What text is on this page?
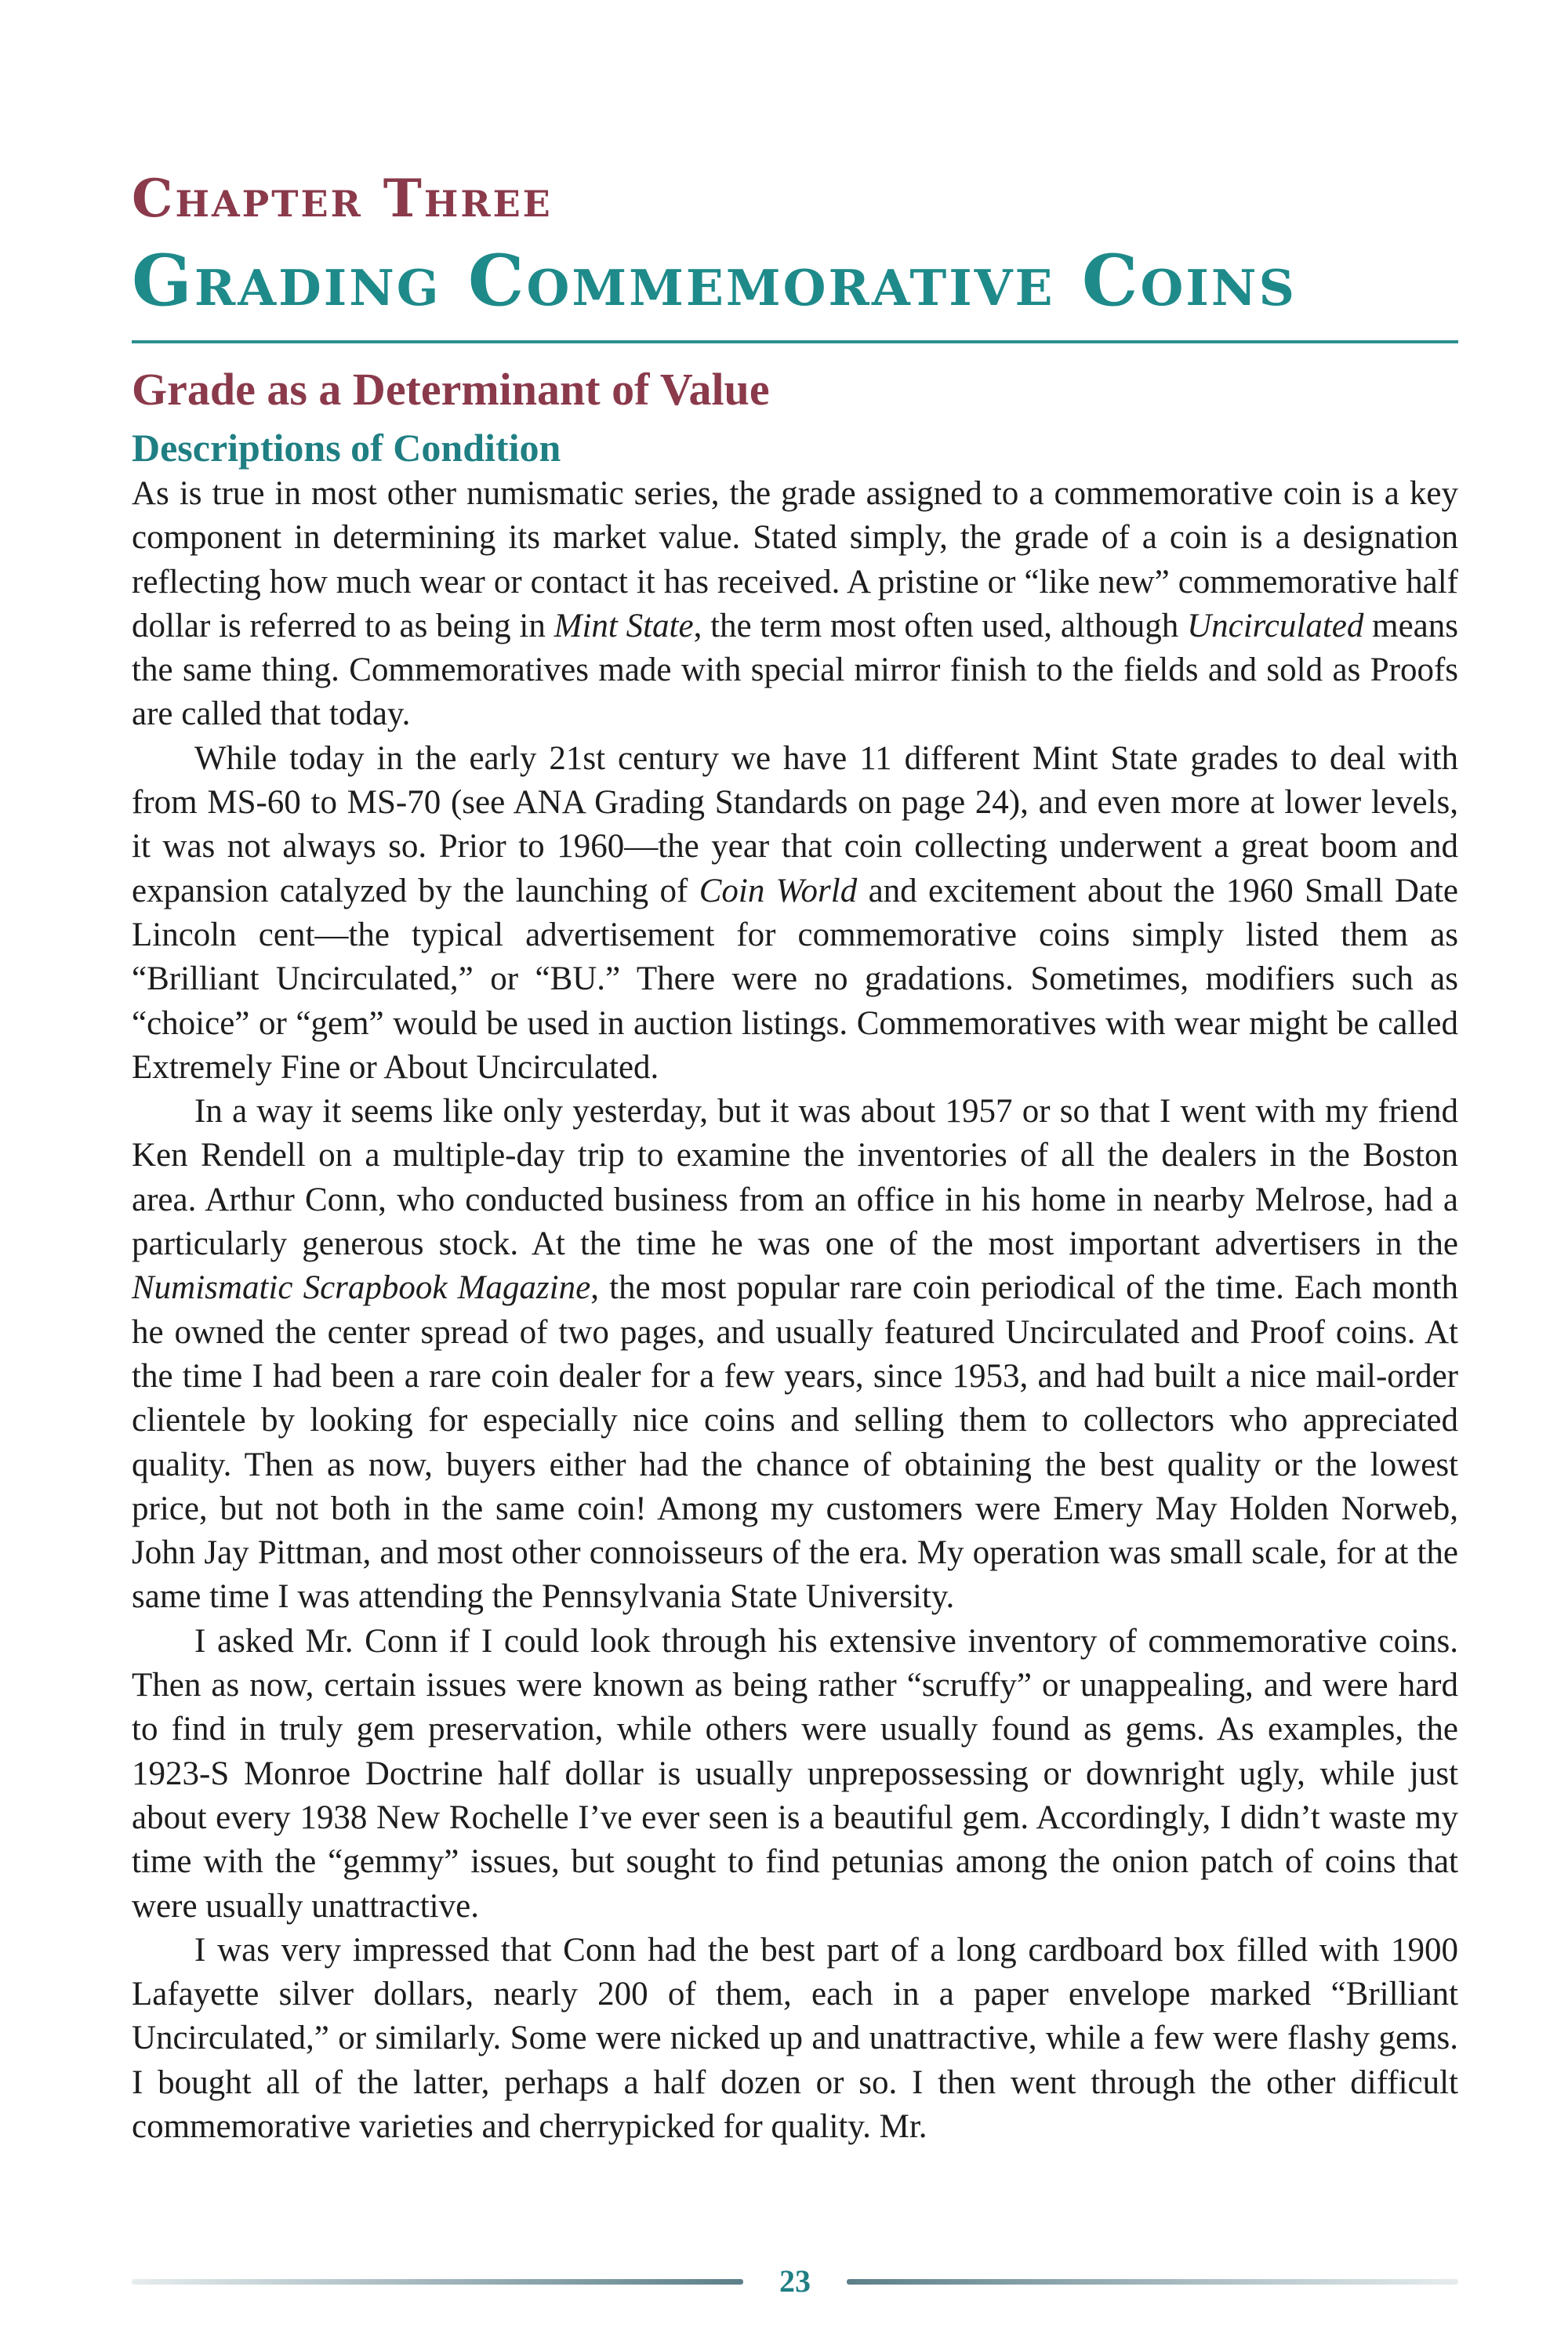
Chapter Three
Grading Commemorative Coins
Grade as a Determinant of Value
Descriptions of Condition

As is true in most other numismatic series, the grade assigned to a commemorative coin is a key component in determining its market value. Stated simply, the grade of a coin is a designation reflecting how much wear or contact it has received. A pristine or “like new” commemorative half dollar is referred to as being in Mint State, the term most often used, although Uncirculated means the same thing. Commemoratives made with special mirror finish to the fields and sold as Proofs are called that today.

While today in the early 21st century we have 11 different Mint State grades to deal with from MS-60 to MS-70 (see ANA Grading Standards on page 24), and even more at lower levels, it was not always so. Prior to 1960—the year that coin collecting underwent a great boom and expansion catalyzed by the launching of Coin World and excitement about the 1960 Small Date Lincoln cent—the typical advertisement for commemorative coins simply listed them as “Brilliant Uncirculated,” or “BU.” There were no gradations. Sometimes, modifiers such as “choice” or “gem” would be used in auction listings. Commemoratives with wear might be called Extremely Fine or About Uncirculated.

In a way it seems like only yesterday, but it was about 1957 or so that I went with my friend Ken Rendell on a multiple-day trip to examine the inventories of all the dealers in the Boston area. Arthur Conn, who conducted business from an office in his home in nearby Melrose, had a particularly generous stock. At the time he was one of the most important advertisers in the Numismatic Scrapbook Magazine, the most popular rare coin periodical of the time. Each month he owned the center spread of two pages, and usually featured Uncirculated and Proof coins. At the time I had been a rare coin dealer for a few years, since 1953, and had built a nice mail-order clientele by looking for especially nice coins and selling them to collectors who appreciated quality. Then as now, buyers either had the chance of obtaining the best quality or the lowest price, but not both in the same coin! Among my customers were Emery May Holden Norweb, John Jay Pittman, and most other connoisseurs of the era. My operation was small scale, for at the same time I was attending the Pennsylvania State University.

I asked Mr. Conn if I could look through his extensive inventory of commemorative coins. Then as now, certain issues were known as being rather “scruffy” or unappealing, and were hard to find in truly gem preservation, while others were usually found as gems. As examples, the 1923-S Monroe Doctrine half dollar is usually unprepossessing or downright ugly, while just about every 1938 New Rochelle I’ve ever seen is a beautiful gem. Accordingly, I didn’t waste my time with the “gemmy” issues, but sought to find petunias among the onion patch of coins that were usually unattractive.

I was very impressed that Conn had the best part of a long cardboard box filled with 1900 Lafayette silver dollars, nearly 200 of them, each in a paper envelope marked “Brilliant Uncirculated,” or similarly. Some were nicked up and unattractive, while a few were flashy gems. I bought all of the latter, perhaps a half dozen or so. I then went through the other difficult commemorative varieties and cherrypicked for quality. Mr.

23
